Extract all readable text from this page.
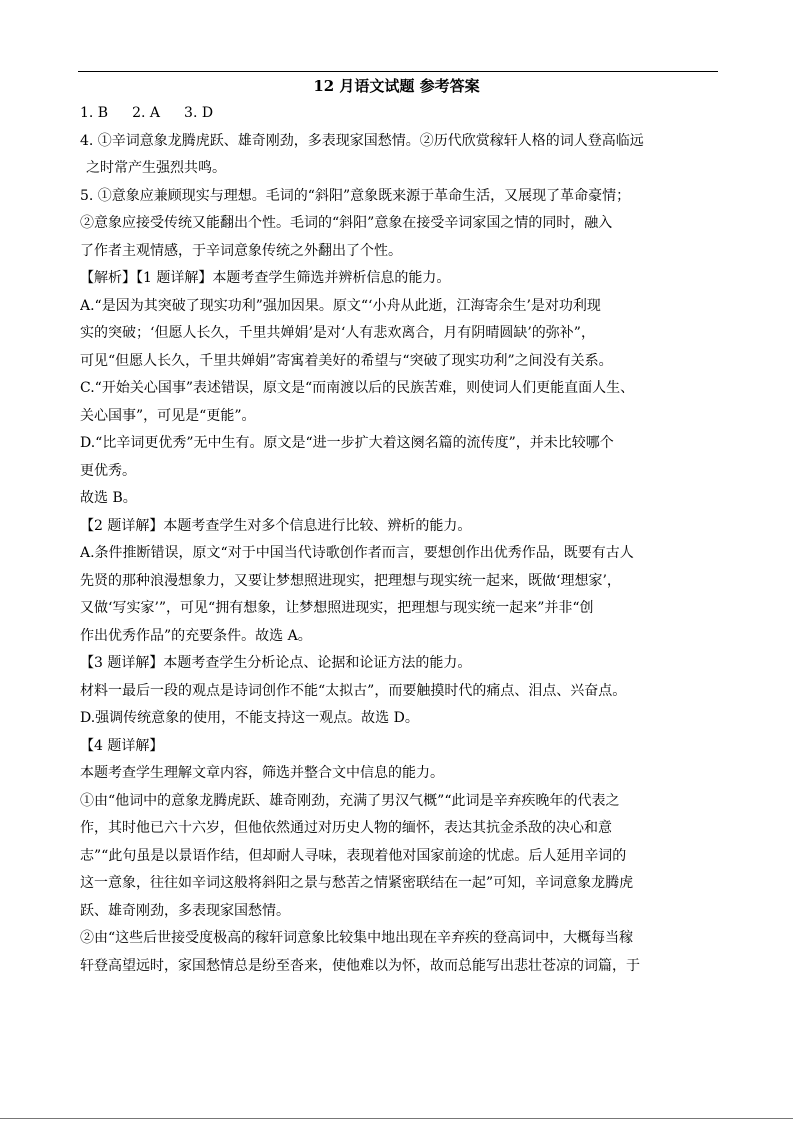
12 月语文试题 参考答案
1. B 2. A 3. D
4. ①辛词意象龙腾虎跃、雄奇刚劲，多表现家国愁情。②历代欣赏稼轩人格的词人登高临远
之时常产生强烈共鸣。
5. ①意象应兼顾现实与理想。毛词的“斜阳”意象既来源于革命生活，又展现了革命豪情；
②意象应接受传统又能翻出个性。毛词的“斜阳”意象在接受辛词家国之情的同时，融入
了作者主观情感，于辛词意象传统之外翻出了个性。
【解析】【1 题详解】本题考查学生筛选并辨析信息的能力。
A.“是因为其突破了现实功利”强加因果。原文“‘小舟从此逝，江海寄余生’是对功利现
实的突破；‘但愿人长久，千里共婵娟’是对‘人有悲欢离合，月有阴晴圆缺’的弥补”，
可见“但愿人长久，千里共婵娟”寄寓着美好的希望与“突破了现实功利”之间没有关系。
C.“开始关心国事”表述错误，原文是“而南渡以后的民族苦难，则使词人们更能直面人生、
关心国事”，可见是“更能”。
D.“比辛词更优秀”无中生有。原文是“进一步扩大着这阕名篇的流传度”，并未比较哪个
更优秀。
故选 B。
【2 题详解】本题考查学生对多个信息进行比较、辨析的能力。
A.条件推断错误，原文“对于中国当代诗歌创作者而言，要想创作出优秀作品，既要有古人
先贤的那种浪漫想象力，又要让梦想照进现实，把理想与现实统一起来，既做‘理想家’，
又做‘写实家’”，可见“拥有想象，让梦想照进现实，把理想与现实统一起来”并非“创
作出优秀作品”的充要条件。故选 A。
【3 题详解】本题考查学生分析论点、论据和论证方法的能力。
材料一最后一段的观点是诗词创作不能“太拟古”，而要触摸时代的痛点、泪点、兴奋点。
D.强调传统意象的使用，不能支持这一观点。故选 D。
【4 题详解】
本题考查学生理解文章内容，筛选并整合文中信息的能力。
①由“他词中的意象龙腾虎跃、雄奇刚劲，充满了男汉气概”“此词是辛弃疾晚年的代表之
作，其时他已六十六岁，但他依然通过对历史人物的缅怀，表达其抗金杀敌的决心和意
志”“此句虽是以景语作结，但却耐人寻味，表现着他对国家前途的忧虑。后人延用辛词的
这一意象，往往如辛词这般将斜阳之景与愁苦之情紧密联结在一起”可知，辛词意象龙腾虎
跃、雄奇刚劲，多表现家国愁情。
②由“这些后世接受度极高的稼轩词意象比较集中地出现在辛弃疾的登高词中，大概每当稼
轩登高望远时，家国愁情总是纷至沓来，使他难以为怀，故而总能写出悲壮苍凉的词篇，于
